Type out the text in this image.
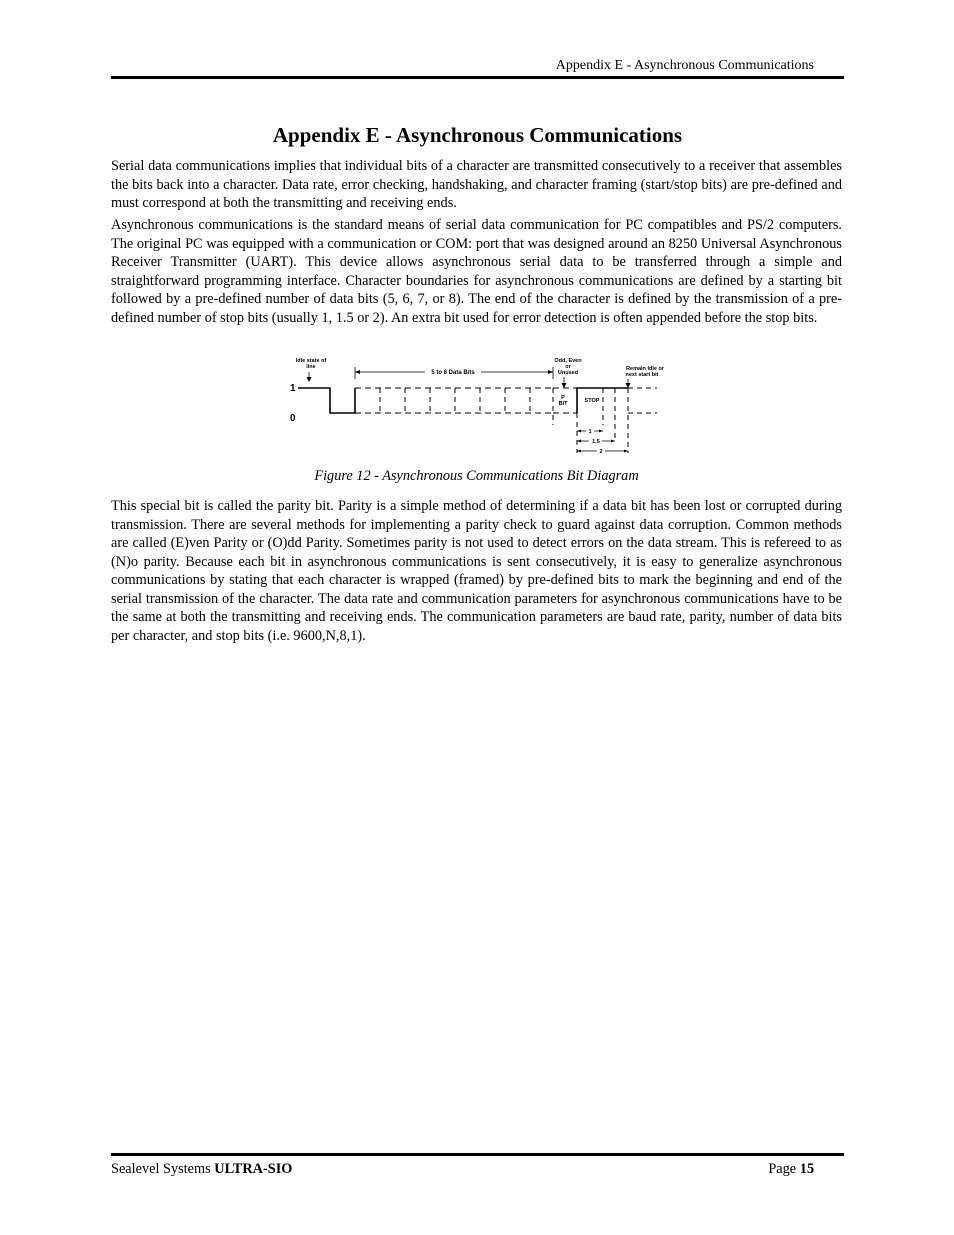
Appendix E - Asynchronous Communications
Appendix E - Asynchronous Communications

Serial data communications implies that individual bits of a character are transmitted consecutively to a receiver that assembles the bits back into a character. Data rate, error checking, handshaking, and character framing (start/stop bits) are pre-defined and must correspond at both the transmitting and receiving ends.

Asynchronous communications is the standard means of serial data communication for PC compatibles and PS/2 computers. The original PC was equipped with a communication or COM: port that was designed around an 8250 Universal Asynchronous Receiver Transmitter (UART). This device allows asynchronous serial data to be transferred through a simple and straightforward programming interface. Character boundaries for asynchronous communications are defined by a starting bit followed by a pre-defined number of data bits (5, 6, 7, or 8). The end of the character is defined by the transmission of a pre-defined number of stop bits (usually 1, 1.5 or 2). An extra bit used for error detection is often appended before the stop bits.

Idle state of
line
5 to 8 Data Bits
Odd, Even
or
Unused
Remain Idle or
next start bit
1
0
P
BIT	STOP
1
1.5
2
Figure 12 - Asynchronous Communications Bit Diagram

This special bit is called the parity bit. Parity is a simple method of determining if a data bit has been lost or corrupted during transmission. There are several methods for implementing a parity check to guard against data corruption. Common methods are called (E)ven Parity or (O)dd Parity. Sometimes parity is not used to detect errors on the data stream. This is refereed to as (N)o parity. Because each bit in asynchronous communications is sent consecutively, it is easy to generalize asynchronous communications by stating that each character is wrapped (framed) by pre-defined bits to mark the beginning and end of the serial transmission of the character. The data rate and communication parameters for asynchronous communications have to be the same at both the transmitting and receiving ends. The communication parameters are baud rate, parity, number of data bits per character, and stop bits (i.e. 9600,N,8,1).

Sealevel Systems ULTRA-SIO	Page 15
